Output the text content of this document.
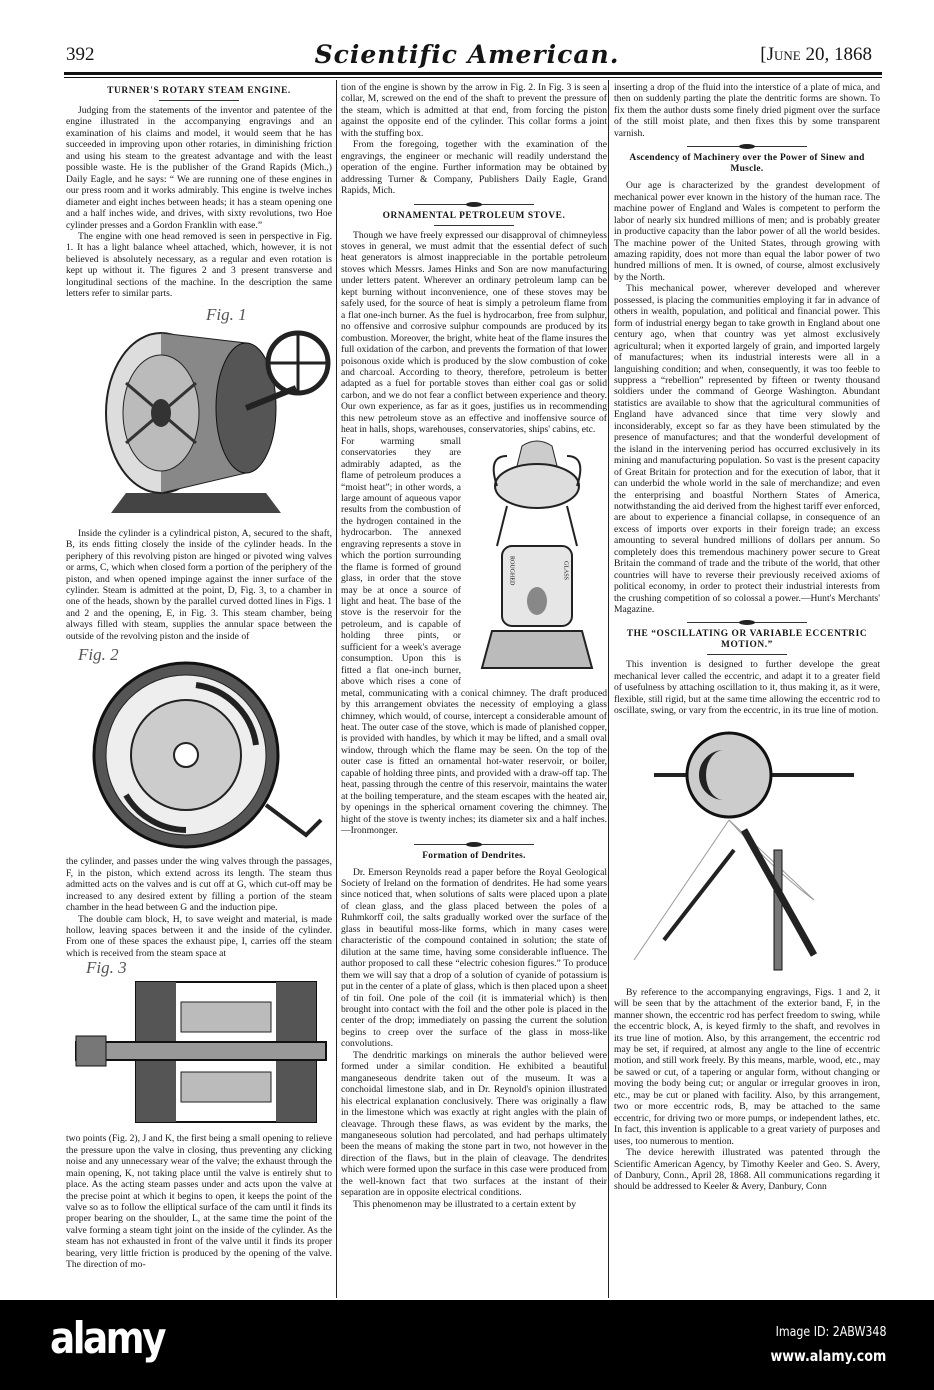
392	Scientific American.	[June 20, 1868
TURNER'S ROTARY STEAM ENGINE.

Judging from the statements of the inventor and patentee of the engine illustrated in the accompanying engravings and an examination of his claims and model, it would seem that he has succeeded in improving upon other rotaries, in diminishing friction and using his steam to the greatest advantage and with the least possible waste. He is the publisher of the Grand Rapids (Mich.,) Daily Eagle, and he says: “ We are running one of these engines in our press room and it works admirably. This engine is twelve inches diameter and eight inches between heads; it has a steam opening one and a half inches wide, and drives, with sixty revolutions, two Hoe cylinder presses and a Gordon Franklin with ease.”

The engine with one head removed is seen in perspective in Fig. 1. It has a light balance wheel attached, which, however, it is not believed is absolutely necessary, as a regular and even rotation is kept up without it. The figures 2 and 3 present transverse and longitudinal sections of the machine. In the description the same letters refer to similar parts.

Fig. 1

Inside the cylinder is a cylindrical piston, A, secured to the shaft, B, its ends fitting closely the inside of the cylinder heads. In the periphery of this revolving piston are hinged or pivoted wing valves or arms, C, which when closed form a portion of the periphery of the piston, and when opened impinge against the inner surface of the cylinder. Steam is admitted at the point, D, Fig. 3, to a chamber in one of the heads, shown by the parallel curved dotted lines in Figs. 1 and 2 and the opening, E, in Fig. 3. This steam chamber, being always filled with steam, supplies the annular space between the outside of the revolving piston and the inside of

Fig. 2

the cylinder, and passes under the wing valves through the passages, F, in the piston, which extend across its length. The steam thus admitted acts on the valves and is cut off at G, which cut-off may be increased to any desired extent by filling a portion of the steam chamber in the head between G and the induction pipe.

The double cam block, H, to save weight and material, is made hollow, leaving spaces between it and the inside of the cylinder. From one of these spaces the exhaust pipe, I, carries off the steam which is received from the steam space at

Fig. 3

two points (Fig. 2), J and K, the first being a small opening to relieve the pressure upon the valve in closing, thus preventing any clicking noise and any unnecessary wear of the valve; the exhaust through the main opening, K, not taking place until the valve is entirely shut to place. As the acting steam passes under and acts upon the valve at the precise point at which it begins to open, it keeps the point of the valve so as to follow the elliptical surface of the cam until it finds its proper bearing on the shoulder, L, at the same time the point of the valve forming a steam tight joint on the inside of the cylinder. As the steam has not exhausted in front of the valve until it finds its proper bearing, very little friction is produced by the opening of the valve. The direction of mo-

tion of the engine is shown by the arrow in Fig. 2. In Fig. 3 is seen a collar, M, screwed on the end of the shaft to prevent the pressure of the steam, which is admitted at that end, from forcing the piston against the opposite end of the cylinder. This collar forms a joint with the stuffing box.

From the foregoing, together with the examination of the engravings, the engineer or mechanic will readily understand the operation of the engine. Further information may be obtained by addressing Turner & Company, Publishers Daily Eagle, Grand Rapids, Mich.

ORNAMENTAL PETROLEUM STOVE.

Though we have freely expressed our disapproval of chimneyless stoves in general, we must admit that the essential defect of such heat generators is almost inappreciable in the portable petroleum stoves which Messrs. James Hinks and Son are now manufacturing under letters patent. Wherever an ordinary petroleum lamp can be kept burning without inconvenience, one of these stoves may be safely used, for the source of heat is simply a petroleum flame from a flat one-inch burner. As the fuel is hydrocarbon, free from sulphur, no offensive and corrosive sulphur compounds are produced by its combustion. Moreover, the bright, white heat of the flame insures the full oxidation of the carbon, and prevents the formation of that lower poisonous oxide which is produced by the slow combustion of coke and charcoal. According to theory, therefore, petroleum is better adapted as a fuel for portable stoves than either coal gas or solid carbon, and we do not fear a conflict between experience and theory. Our own experience, as far as it goes, justifies us in recommending this new petroleum stove as an effective and inoffensive source of heat in halls, shops, warehouses, conservatories, ships' cabins, etc.

ROUGHED	GLASS

For warming small conservatories they are admirably adapted, as the flame of petroleum produces a “moist heat”; in other words, a large amount of aqueous vapor results from the combustion of the hydrogen contained in the hydrocarbon. The annexed engraving represents a stove in which the portion surrounding the flame is formed of ground glass, in order that the stove may be at once a source of light and heat. The base of the stove is the reservoir for the petroleum, and is capable of holding three pints, or sufficient for a week's average consumption. Upon this is fitted a flat one-inch burner, above which rises a cone of metal, communicating with a conical chimney. The draft produced by this arrangement obviates the necessity of employing a glass chimney, which would, of course, intercept a considerable amount of heat. The outer case of the stove, which is made of planished copper, is provided with handles, by which it may be lifted, and a small oval window, through which the flame may be seen. On the top of the outer case is fitted an ornamental hot-water reservoir, or boiler, capable of holding three pints, and provided with a draw-off tap. The heat, passing through the centre of this reservoir, maintains the water at the boiling temperature, and the steam escapes with the heated air, by openings in the spherical ornament covering the chimney. The hight of the stove is twenty inches; its diameter six and a half inches.—Ironmonger.

Formation of Dendrites.

Dr. Emerson Reynolds read a paper before the Royal Geological Society of Ireland on the formation of dendrites. He had some years since noticed that, when solutions of salts were placed upon a plate of clean glass, and the glass placed between the poles of a Ruhmkorff coil, the salts gradually worked over the surface of the glass in beautiful moss-like forms, which in many cases were characteristic of the compound contained in solution; the state of dilution at the same time, having some considerable influence. The author proposed to call these “electric cohesion figures.” To produce them we will say that a drop of a solution of cyanide of potassium is put in the center of a plate of glass, which is then placed upon a sheet of tin foil. One pole of the coil (it is immaterial which) is then brought into contact with the foil and the other pole is placed in the center of the drop; immediately on passing the current the solution begins to creep over the surface of the glass in moss-like convolutions.

The dendritic markings on minerals the author believed were formed under a similar condition. He exhibited a beautiful manganeseous dendrite taken out of the museum. It was a conchoidal limestone slab, and in Dr. Reynold's opinion illustrated his electrical explanation conclusively. There was originally a flaw in the limestone which was exactly at right angles with the plain of cleavage. Through these flaws, as was evident by the marks, the manganeseous solution had percolated, and had perhaps ultimately been the means of making the stone part in two, not however in the direction of the flaws, but in the plain of cleavage. The dendrites which were formed upon the surface in this case were produced from the well-known fact that two surfaces at the instant of their separation are in opposite electrical conditions.

This phenomenon may be illustrated to a certain extent by

inserting a drop of the fluid into the interstice of a plate of mica, and then on suddenly parting the plate the dentritic forms are shown. To fix them the author dusts some finely dried pigment over the surface of the still moist plate, and then fixes this by some transparent varnish.

Ascendency of Machinery over the Power of Sinew and Muscle.

Our age is characterized by the grandest development of mechanical power ever known in the history of the human race. The machine power of England and Wales is competent to perform the labor of nearly six hundred millions of men; and is probably greater in productive capacity than the labor power of all the world besides. The machine power of the United States, through growing with amazing rapidity, does not more than equal the labor power of two hundred millions of men. It is owned, of course, almost exclusively by the North.

This mechanical power, wherever developed and wherever possessed, is placing the communities employing it far in advance of others in wealth, population, and political and financial power. This form of industrial energy began to take growth in England about one century ago, when that country was yet almost exclusively agricultural; when it exported largely of grain, and imported largely of manufactures; when its industrial interests were all in a languishing condition; and when, consequently, it was too feeble to suppress a “rebellion” represented by fifteen or twenty thousand soldiers under the command of George Washington. Abundant statistics are available to show that the agricultural communities of England have advanced since that time very slowly and inconsiderably, except so far as they have been stimulated by the presence of manufactures; and that the wonderful development of the island in the intervening period has occurred exclusively in its mining and manufacturing population. So vast is the present capacity of Great Britain for protection and for the execution of labor, that it can underbid the whole world in the sale of merchandize; and even the enterprising and boastful Northern States of America, notwithstanding the aid derived from the highest tariff ever enforced, are about to experience a financial collapse, in consequence of an excess of imports over exports in their foreign trade; an excess amounting to several hundred millions of dollars per annum. So completely does this tremendous machinery power secure to Great Britain the command of trade and the tribute of the world, that other countries will have to reverse their previously received axioms of political economy, in order to protect their industrial interests from the crushing competition of so colossal a power.—Hunt's Merchants' Magazine.

THE “OSCILLATING OR VARIABLE ECCENTRIC MOTION.”

This invention is designed to further develope the great mechanical lever called the eccentric, and adapt it to a greater field of usefulness by attaching oscillation to it, thus making it, as it were, flexible, still rigid, but at the same time allowing the eccentric rod to oscillate, swing, or vary from the eccentric, in its true line of motion.

By reference to the accompanying engravings, Figs. 1 and 2, it will be seen that by the attachment of the exterior band, F, in the manner shown, the eccentric rod has perfect freedom to swing, while the eccentric block, A, is keyed firmly to the shaft, and revolves in its true line of motion. Also, by this arrangement, the eccentric rod may be set, if required, at almost any angle to the line of eccentric motion, and still work freely. By this means, marble, wood, etc., may be sawed or cut, of a tapering or angular form, without changing or moving the body being cut; or angular or irregular grooves in iron, etc., may be cut or planed with facility. Also, by this arrangement, two or more eccentric rods, B, may be attached to the same eccentric, for driving two or more pumps, or independent lathes, etc. In fact, this invention is applicable to a great variety of purposes and uses, too numerous to mention.

The device herewith illustrated was patented through the Scientific American Agency, by Timothy Keeler and Geo. S. Avery, of Danbury, Conn., April 28, 1868. All communications regarding it should be addressed to Keeler & Avery, Danbury, Conn

alamy	Image ID: 2ABW348
www.alamy.com
